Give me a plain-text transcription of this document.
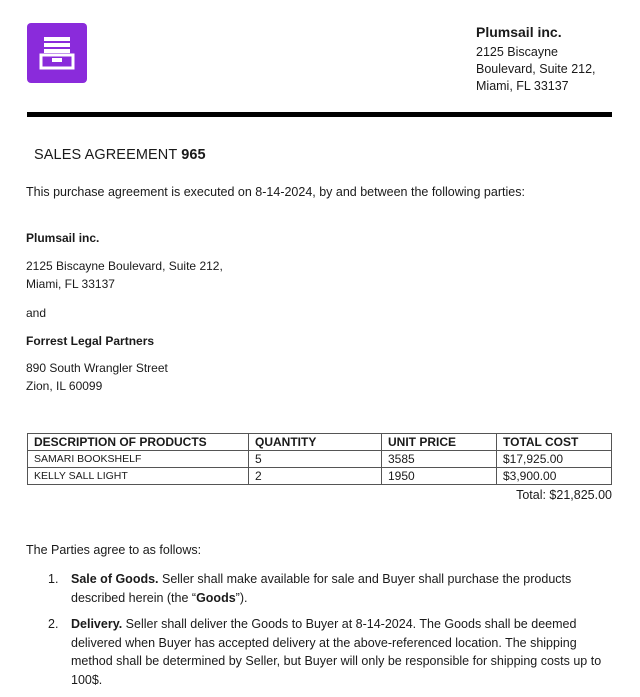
Plumsail inc.
2125 Biscayne
Boulevard, Suite 212,
Miami, FL 33137
SALES AGREEMENT 965
This purchase agreement is executed on 8-14-2024, by and between the following parties:
Plumsail inc.
2125 Biscayne Boulevard, Suite 212,
Miami, FL 33137
and
Forrest Legal Partners
890 South Wrangler Street
Zion, IL 60099
DESCRIPTION OF PRODUCTS	QUANTITY	UNIT PRICE	TOTAL COST
SAMARI BOOKSHELF	5	3585	$17,925.00
KELLY SALL LIGHT	2	1950	$3,900.00
Total: $21,825.00
The Parties agree to as follows:
1.	Sale of Goods. Seller shall make available for sale and Buyer shall purchase the products described herein (the “Goods”).
2.	Delivery. Seller shall deliver the Goods to Buyer at 8-14-2024. The Goods shall be deemed delivered when Buyer has accepted delivery at the above-referenced location. The shipping method shall be determined by Seller, but Buyer will only be responsible for shipping costs up to 100$.
